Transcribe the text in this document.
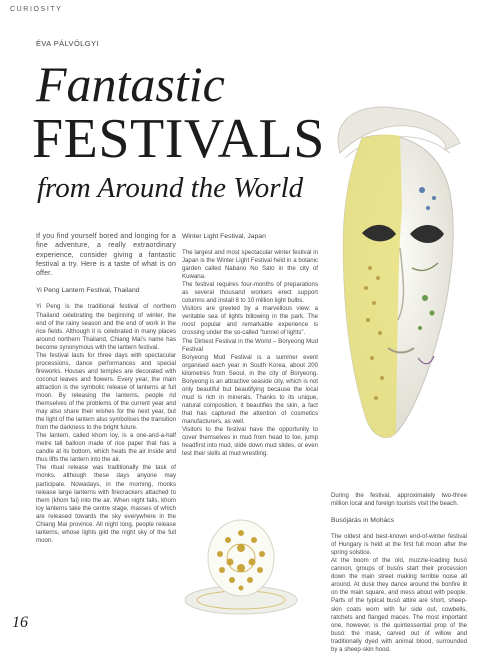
CURIOSITY
ÉVA PÁLVÖLGYI
Fantastic
FESTIVALS
from Around the World

If you find yourself bored and longing for a fine adventure, a really extraordinary experience, consider giving a fantastic festival a try. Here is a taste of what is on offer.

Yi Peng Lantern Festival, Thailand

Yi Peng is the traditional festival of northern Thailand celebrating the beginning of winter, the end of the rainy season and the end of work in the rice fields. Although it is celebrated in many places around northern Thailand, Chiang Mai's name has become synonymous with the lantern festival.

The festival lasts for three days with spectacular processions, dance performances and special fireworks. Houses and temples are decorated with coconut leaves and flowers. Every year, the main attraction is the symbolic release of lanterns at full moon. By releasing the lanterns, people rid themselves of the problems of the current year and may also share their wishes for the next year, but the light of the lantern also symbolises the transition from the darkness to the bright future.

The lantern, called khom loy, is a one-and-a-half metre tall balloon made of rice paper that has a candle at its bottom, which heats the air inside and thus lifts the lantern into the air.

The ritual release was traditionally the task of monks, although these days anyone may participate. Nowadays, in the morning, monks release large lanterns with firecrackers attached to them (khom fai) into the air. When night falls, khom loy lanterns take the centre stage, masses of which are released towards the sky everywhere in the Chiang Mai province. All night long, people release lanterns, whose lights gild the night sky of the full moon.

Winter Light Festival, Japan

The largest and most spectacular winter festival in Japan is the Winter Light Festival held in a botanic garden called Nabano No Sato in the city of Kuwana.

The festival requires four-months of preparations as several thousand workers erect support columns and install 8 to 10 million light bulbs.

Visitors are greeted by a marvellous view: a veritable sea of lights billowing in the park. The most popular and remarkable experience is crossing under the so-called "tunnel of lights".

The Dirtiest Festival in the World – Boryeong Mud Festival

Boryeong Mud Festival is a summer event organised each year in South Korea, about 200 kilometres from Seoul, in the city of Boryeong. Boryeong is an attractive seaside city, which is not only beautiful but beautifying because the local mud is rich in minerals. Thanks to its unique, natural composition, it beautifies the skin, a fact that has captured the attention of cosmetics manufacturers, as well.

Visitors to the festival have the opportunity to cover themselves in mud from head to toe, jump headfirst into mud, slide down mud slides, or even test their skills at mud wrestling.

During the festival, approximately two-three million local and foreign tourists visit the beach.

Busójárás in Mohács

The oldest and best-known end-of-winter festival of Hungary is held at the first full moon after the spring solstice.

At the boom of the old, muzzle-loading busó cannon, groups of busós start their procession down the main street making terrible noise all around. At dusk they dance around the bonfire lit on the main square, and mess about with people. Parts of the typical busó attire are short, sheep-skin coats worn with fur side out, cowbells, ratchets and flanged maces. The most important one, however, is the quintessential prop of the busó: the mask, carved out of willow and traditionally dyed with animal blood, surrounded by a sheep-skin hood.

16
